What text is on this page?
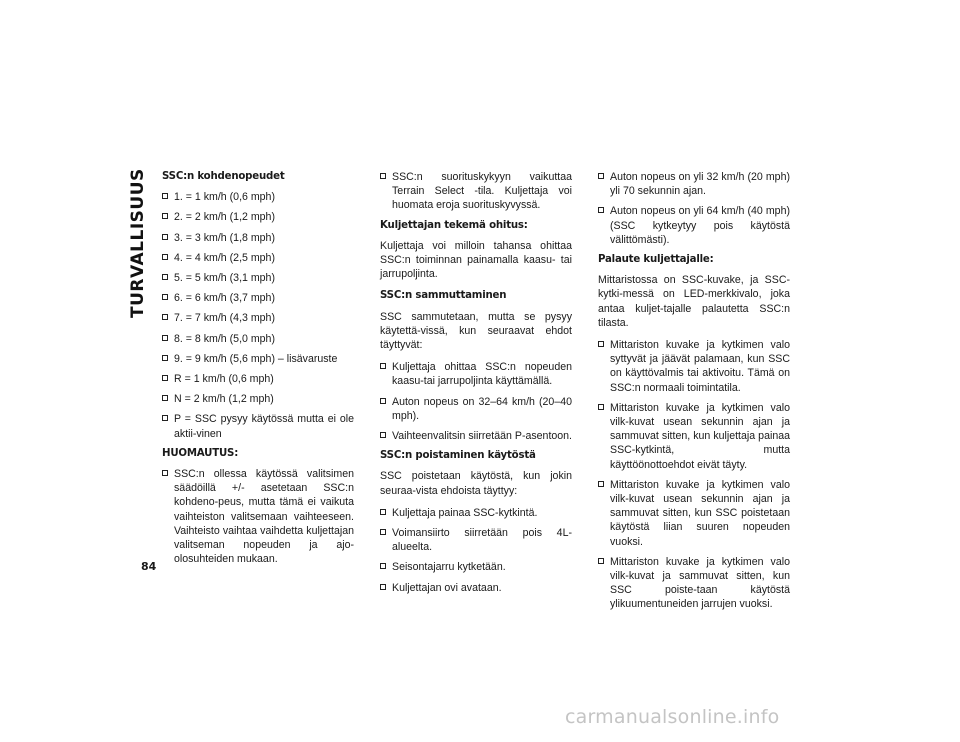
TURVALLISUUS
84
SSC:n kohdenopeudet
1. = 1 km/h (0,6 mph)
2. = 2 km/h (1,2 mph)
3. = 3 km/h (1,8 mph)
4. = 4 km/h (2,5 mph)
5. = 5 km/h (3,1 mph)
6. = 6 km/h (3,7 mph)
7. = 7 km/h (4,3 mph)
8. = 8 km/h (5,0 mph)
9. = 9 km/h (5,6 mph) – lisävaruste
R = 1 km/h (0,6 mph)
N = 2 km/h (1,2 mph)
P = SSC pysyy käytössä mutta ei ole aktii-vinen
HUOMAUTUS:
SSC:n ollessa käytössä valitsimen säädöillä +/- asetetaan SSC:n kohdeno-peus, mutta tämä ei vaikuta vaihteiston valitsemaan vaihteeseen. Vaihteisto vaihtaa vaihdetta kuljettajan valitseman nopeuden ja ajo-olosuhteiden mukaan.
SSC:n suorituskykyyn vaikuttaa Terrain Select -tila. Kuljettaja voi huomata eroja suorituskyvyssä.
Kuljettajan tekemä ohitus:

Kuljettaja voi milloin tahansa ohittaa SSC:n toiminnan painamalla kaasu- tai jarrupoljinta.

SSC:n sammuttaminen

SSC sammutetaan, mutta se pysyy käytettä-vissä, kun seuraavat ehdot täyttyvät:

Kuljettaja ohittaa SSC:n nopeuden kaasu-tai jarrupoljinta käyttämällä.
Auton nopeus on 32–64 km/h (20–40 mph).
Vaihteenvalitsin siirretään P-asentoon.
SSC:n poistaminen käytöstä

SSC poistetaan käytöstä, kun jokin seuraa-vista ehdoista täyttyy:

Kuljettaja painaa SSC-kytkintä.
Voimansiirto siirretään pois 4L-alueelta.
Seisontajarru kytketään.
Kuljettajan ovi avataan.
Auton nopeus on yli 32 km/h (20 mph) yli 70 sekunnin ajan.
Auton nopeus on yli 64 km/h (40 mph) (SSC kytkeytyy pois käytöstä välittömästi).
Palaute kuljettajalle:

Mittaristossa on SSC-kuvake, ja SSC-kytki-messä on LED-merkkivalo, joka antaa kuljet-tajalle palautetta SSC:n tilasta.

Mittariston kuvake ja kytkimen valo syttyvät ja jäävät palamaan, kun SSC on käyttövalmis tai aktivoitu. Tämä on SSC:n normaali toimintatila.
Mittariston kuvake ja kytkimen valo vilk-kuvat usean sekunnin ajan ja sammuvat sitten, kun kuljettaja painaa SSC-kytkintä, mutta käyttöönottoehdot eivät täyty.
Mittariston kuvake ja kytkimen valo vilk-kuvat usean sekunnin ajan ja sammuvat sitten, kun SSC poistetaan käytöstä liian suuren nopeuden vuoksi.
Mittariston kuvake ja kytkimen valo vilk-kuvat ja sammuvat sitten, kun SSC poiste-taan käytöstä ylikuumentuneiden jarrujen vuoksi.
carmanualsonline.info
